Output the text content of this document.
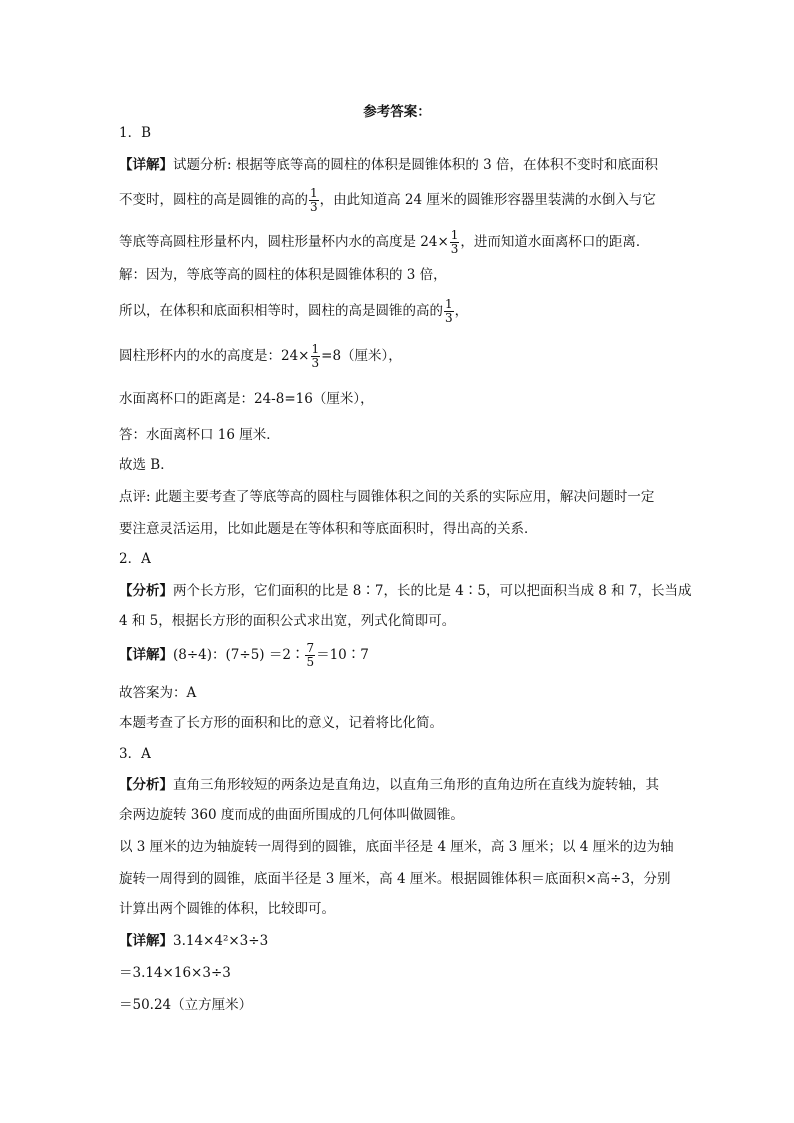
参考答案：
1．B
【详解】试题分析: 根据等底等高的圆柱的体积是圆锥体积的 3 倍，在体积不变时和底面积
不变时，圆柱的高是圆锥的高的 $\frac{1}{3}$ ，由此知道高 24 厘米的圆锥形容器里装满的水倒入与它
等底等高圆柱形量杯内，圆柱形量杯内水的高度是 $24\times \frac{1}{3}$ ，进而知道水面离杯口的距离．
解：因为，等底等高的圆柱的体积是圆锥体积的 3 倍，
所以，在体积和底面积相等时，圆柱的高是圆锥的高的 $\frac{1}{3}$ ，
圆柱形杯内的水的高度是：$24\times \frac{1}{3} =8$（厘米），
水面离杯口的距离是：24-8=16（厘米），
答：水面离杯口 16 厘米．
故选 B．
点评: 此题主要考查了等底等高的圆柱与圆锥体积之间的关系的实际应用，解决问题时一定
要注意灵活运用，比如此题是在等体积和等底面积时，得出高的关系．
2．A
【分析】两个长方形，它们面积的比是 8∶7，长的比是 4∶5，可以把面积当成 8 和 7，长当成
4 和 5，根据长方形的面积公式求出宽，列式化简即可。
【详解】(8÷4)：(7÷5) ＝2∶ $\frac{7}{5}$ ＝10∶7
故答案为：A
本题考查了长方形的面积和比的意义，记着将比化简。
3．A
【分析】直角三角形较短的两条边是直角边，以直角三角形的直角边所在直线为旋转轴，其
余两边旋转 360 度而成的曲面所围成的几何体叫做圆锥。
以 3 厘米的边为轴旋转一周得到的圆锥，底面半径是 4 厘米，高 3 厘米；以 4 厘米的边为轴
旋转一周得到的圆锥，底面半径是 3 厘米，高 4 厘米。根据圆锥体积＝底面积×高÷3，分别
计算出两个圆锥的体积，比较即可。
【详解】3.14×4²×3÷3
＝3.14×16×3÷3
＝50.24（立方厘米）
